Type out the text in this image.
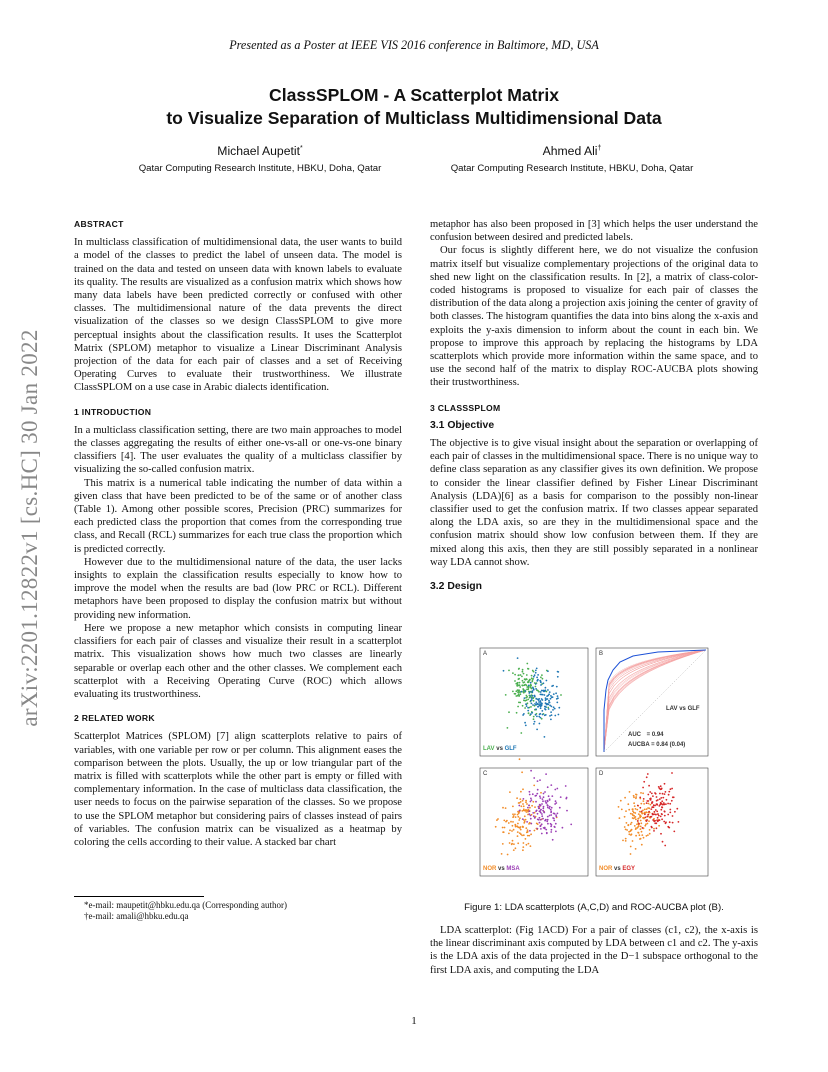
Presented as a Poster at IEEE VIS 2016 conference in Baltimore, MD, USA
ClassSPLOM - A Scatterplot Matrix
to Visualize Separation of Multiclass Multidimensional Data
Michael Aupetit*
Qatar Computing Research Institute, HBKU, Doha, Qatar
Ahmed Ali†
Qatar Computing Research Institute, HBKU, Doha, Qatar
arXiv:2201.12822v1 [cs.HC] 30 Jan 2022
ABSTRACT

In multiclass classification of multidimensional data, the user wants to build a model of the classes to predict the label of unseen data. The model is trained on the data and tested on unseen data with known labels to evaluate its quality. The results are visualized as a confusion matrix which shows how many data labels have been predicted correctly or confused with other classes. The multidimensional nature of the data prevents the direct visualization of the classes so we design ClassSPLOM to give more perceptual insights about the classification results. It uses the Scatterplot Matrix (SPLOM) metaphor to visualize a Linear Discriminant Analysis projection of the data for each pair of classes and a set of Receiving Operating Curves to evaluate their trustworthiness. We illustrate ClassSPLOM on a use case in Arabic dialects identification.

1 INTRODUCTION

In a multiclass classification setting, there are two main approaches to model the classes aggregating the results of either one-vs-all or one-vs-one binary classifiers [4]. The user evaluates the quality of a multiclass classifier by visualizing the so-called confusion matrix.

This matrix is a numerical table indicating the number of data within a given class that have been predicted to be of the same or of another class (Table 1). Among other possible scores, Precision (PRC) summarizes for each predicted class the proportion that comes from the corresponding true class, and Recall (RCL) summarizes for each true class the proportion which is predicted correctly.

However due to the multidimensional nature of the data, the user lacks insights to explain the classification results especially to know how to improve the model when the results are bad (low PRC or RCL). Different metaphors have been proposed to display the confusion matrix but without providing new information.

Here we propose a new metaphor which consists in computing linear classifiers for each pair of classes and visualize their result in a scatterplot matrix. This visualization shows how much two classes are linearly separable or overlap each other and the other classes. We complement each scatterplot with a Receiving Operating Curve (ROC) which allows evaluating its trustworthiness.

2 RELATED WORK

Scatterplot Matrices (SPLOM) [7] align scatterplots relative to pairs of variables, with one variable per row or per column. This alignment eases the comparison between the plots. Usually, the up or low triangular part of the matrix is filled with scatterplots while the other part is empty or filled with complementary information. In the case of multiclass data classification, the user needs to focus on the pairwise separation of the classes. So we propose to use the SPLOM metaphor but considering pairs of classes instead of pairs of variables. The confusion matrix can be visualized as a heatmap by coloring the cells according to their value. A stacked bar chart

*e-mail: maupetit@hbku.edu.qa (Corresponding author)
†e-mail: amali@hbku.edu.qa

metaphor has also been proposed in [3] which helps the user understand the confusion between desired and predicted labels.

Our focus is slightly different here, we do not visualize the confusion matrix itself but visualize complementary projections of the original data to shed new light on the classification results. In [2], a matrix of class-color-coded histograms is proposed to visualize for each pair of classes the distribution of the data along a projection axis joining the center of gravity of both classes. The histogram quantifies the data into bins along the x-axis and exploits the y-axis dimension to inform about the count in each bin. We propose to improve this approach by replacing the histograms by LDA scatterplots which provide more information within the same space, and to use the second half of the matrix to display ROC-AUCBA plots showing their trustworthiness.

3 CLASSSPLOM
3.1 Objective

The objective is to give visual insight about the separation or overlapping of each pair of classes in the multidimensional space. There is no unique way to define class separation as any classifier gives its own definition. We propose to consider the linear classifier defined by Fisher Linear Discriminant Analysis (LDA)[6] as a basis for comparison to the possibly non-linear classifier used to get the confusion matrix. If two classes appear separated along the LDA axis, so are they in the multidimensional space and the confusion matrix should show low confusion between them. If they are mixed along this axis, then they are still possibly separated in a nonlinear way LDA cannot show.

3.2 Design
A
LAV vs GLF
B
LAV vs GLF
AUC = 0.94
AUCBA = 0.84 (0.04)
C
NOR vs MSA
D
NOR vs EGY
Figure 1: LDA scatterplots (A,C,D) and ROC-AUCBA plot (B).

LDA scatterplot: (Fig 1ACD) For a pair of classes (c1, c2), the x-axis is the linear discriminant axis computed by LDA between c1 and c2. The y-axis is the LDA axis of the data projected in the D−1 subspace orthogonal to the first LDA axis, and computing the LDA

1
